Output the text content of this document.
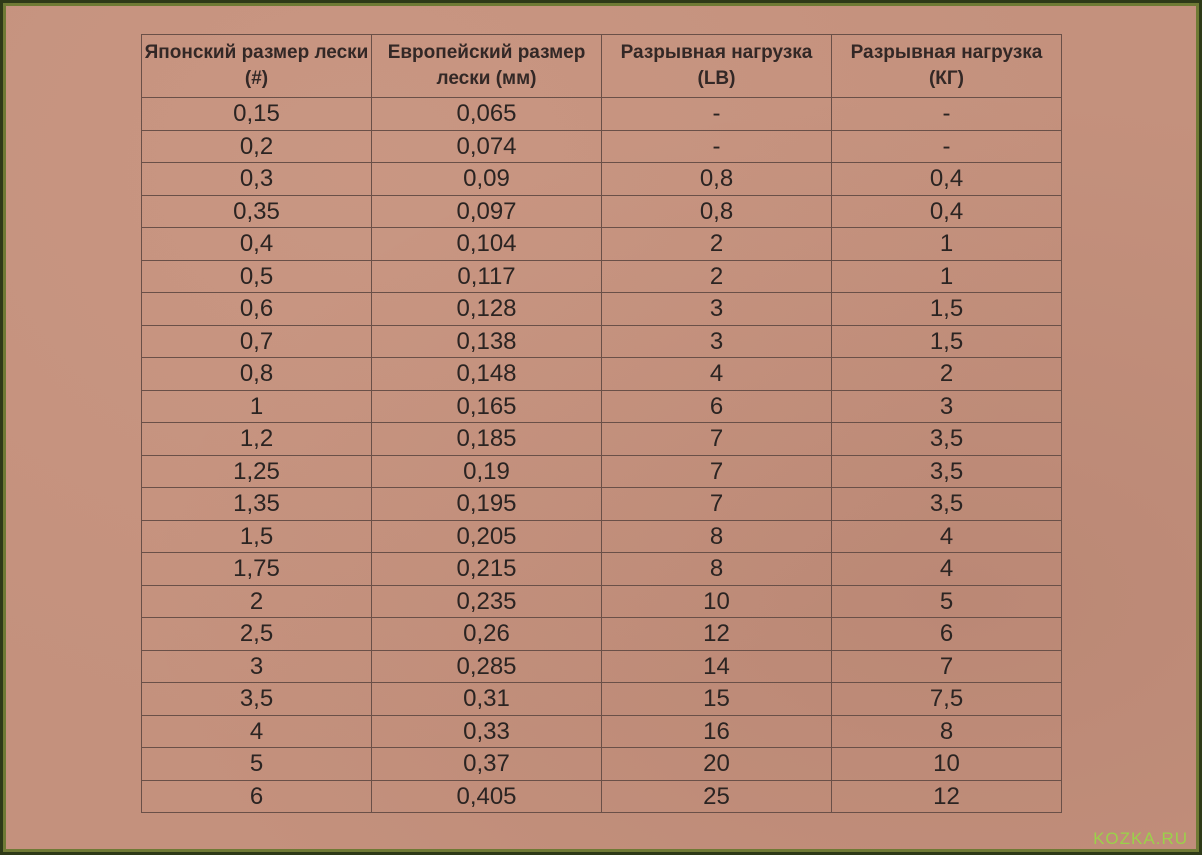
Японский размер лески (#)	Европейский размер лески (мм)	Разрывная нагрузка (LB)	Разрывная нагрузка (КГ)
0,15	0,065	-	-
0,2	0,074	-	-
0,3	0,09	0,8	0,4
0,35	0,097	0,8	0,4
0,4	0,104	2	1
0,5	0,117	2	1
0,6	0,128	3	1,5
0,7	0,138	3	1,5
0,8	0,148	4	2
1	0,165	6	3
1,2	0,185	7	3,5
1,25	0,19	7	3,5
1,35	0,195	7	3,5
1,5	0,205	8	4
1,75	0,215	8	4
2	0,235	10	5
2,5	0,26	12	6
3	0,285	14	7
3,5	0,31	15	7,5
4	0,33	16	8
5	0,37	20	10
6	0,405	25	12
KOZKA.RU
